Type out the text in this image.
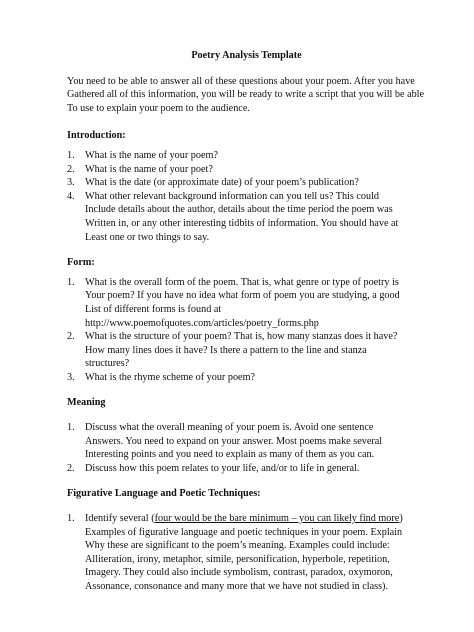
Poetry Analysis Template
You need to be able to answer all of these questions about your poem. After you have
Gathered all of this information, you will be ready to write a script that you will be able
To use to explain your poem to the audience.
Introduction:
1.	What is the name of your poem?
2.	What is the name of your poet?
3.	What is the date (or approximate date) of your poem’s publication?
4.	What other relevant background information can you tell us? This could
Include details about the author, details about the time period the poem was
Written in, or any other interesting tidbits of information. You should have at
Least one or two things to say.
Form:
1.	What is the overall form of the poem. That is, what genre or type of poetry is
Your poem? If you have no idea what form of poem you are studying, a good
List of different forms is found at
http://www.poemofquotes.com/articles/poetry_forms.php
2.	What is the structure of your poem? That is, how many stanzas does it have?
How many lines does it have? Is there a pattern to the line and stanza
structures?
3.	What is the rhyme scheme of your poem?
Meaning
1.	Discuss what the overall meaning of your poem is. Avoid one sentence
Answers. You need to expand on your answer. Most poems make several
Interesting points and you need to explain as many of them as you can.
2.	Discuss how this poem relates to your life, and/or to life in general.
Figurative Language and Poetic Techniques:
1.	Identify several (four would be the bare minimum – you can likely find more)
Examples of figurative language and poetic techniques in your poem. Explain
Why these are significant to the poem’s meaning. Examples could include:
Alliteration, irony, metaphor, simile, personification, hyperbole, repetition,
Imagery. They could also include symbolism, contrast, paradox, oxymoron,
Assonance, consonance and many more that we have not studied in class).
